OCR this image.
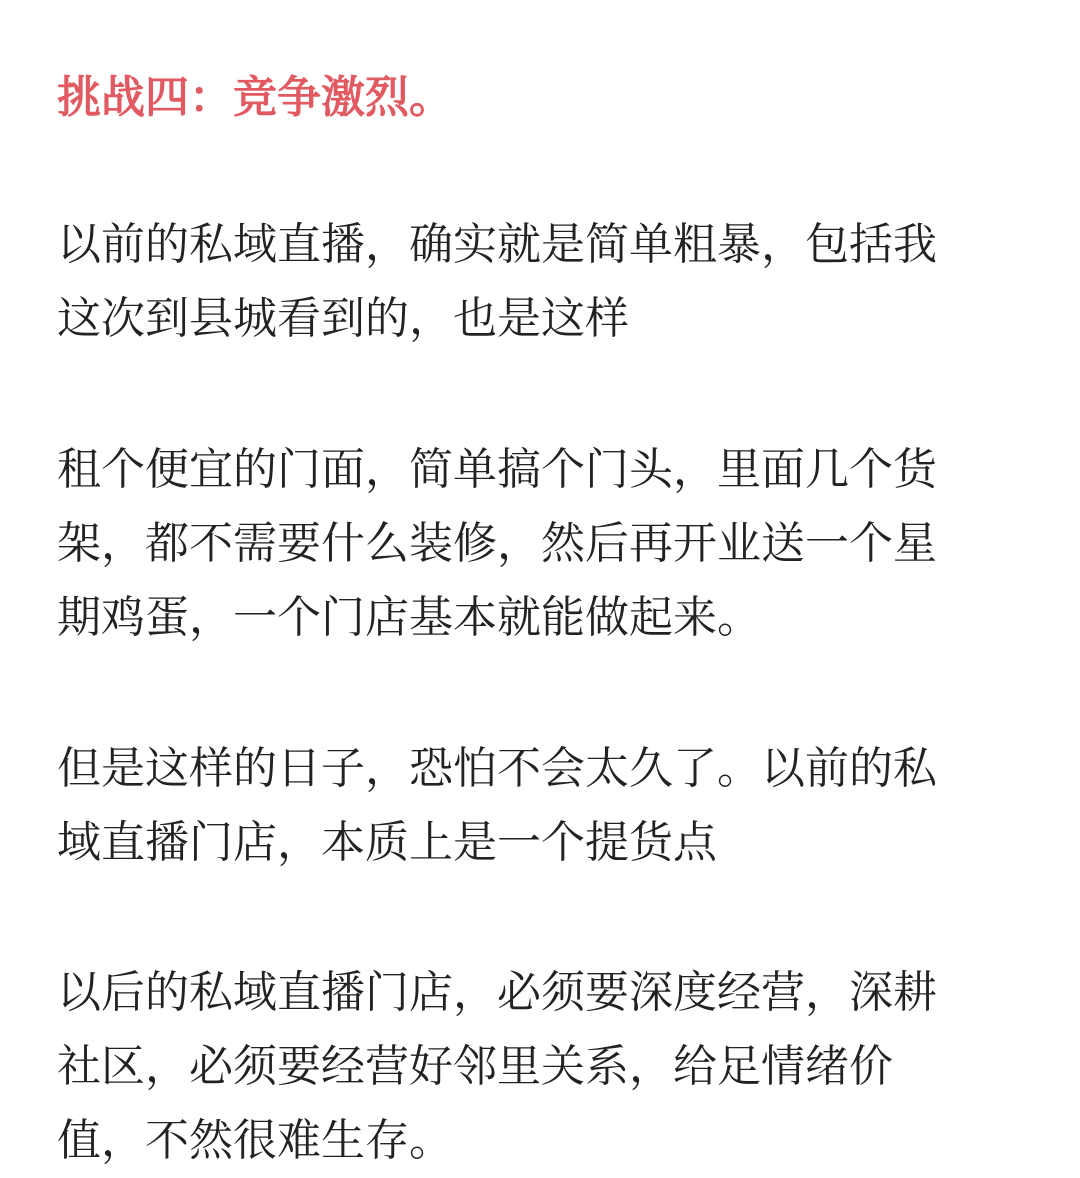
挑战四：竞争激烈。

以前的私域直播，确实就是简单粗暴，包括我
这次到县城看到的，也是这样

租个便宜的门面，简单搞个门头，里面几个货
架，都不需要什么装修，然后再开业送一个星
期鸡蛋，一个门店基本就能做起来。

但是这样的日子，恐怕不会太久了。以前的私
域直播门店，本质上是一个提货点

以后的私域直播门店，必须要深度经营，深耕
社区，必须要经营好邻里关系，给足情绪价
值，不然很难生存。
